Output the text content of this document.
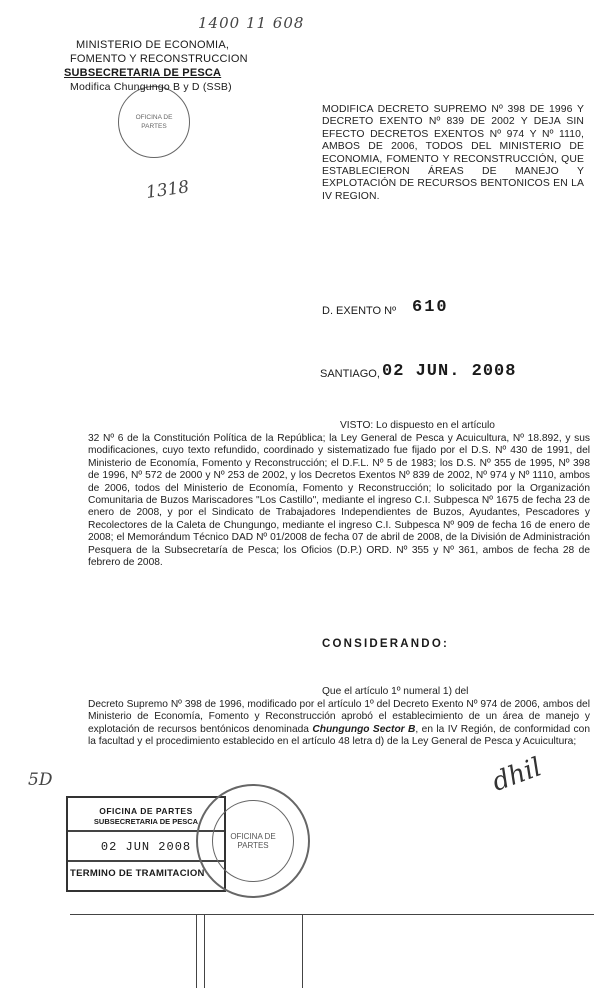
1400 11 608
1318
5D
OFICINA DE PARTES
MINISTERIO DE ECONOMIA,
FOMENTO Y RECONSTRUCCION
SUBSECRETARIA DE PESCA
Modifica Chungungo B y D (SSB)
MODIFICA DECRETO SUPREMO Nº 398 DE 1996 Y DECRETO EXENTO Nº 839 DE 2002 Y DEJA SIN EFECTO DECRETOS EXENTOS Nº 974 Y Nº 1110, AMBOS DE 2006, TODOS DEL MINISTERIO DE ECONOMIA, FOMENTO Y RECONSTRUCCIÓN, QUE ESTABLECIERON ÁREAS DE MANEJO Y EXPLOTACIÓN DE RECURSOS BENTONICOS EN LA IV REGION.
D. EXENTO Nº 610
SANTIAGO, 02 JUN. 2008
VISTO: Lo dispuesto en el artículo
32 Nº 6 de la Constitución Política de la República; la Ley General de Pesca y Acuicultura, Nº 18.892, y sus modificaciones, cuyo texto refundido, coordinado y sistematizado fue fijado por el D.S. Nº 430 de 1991, del Ministerio de Economía, Fomento y Reconstrucción; el D.F.L. Nº 5 de 1983; los D.S. Nº 355 de 1995, Nº 398 de 1996, Nº 572 de 2000 y Nº 253 de 2002, y los Decretos Exentos Nº 839 de 2002, Nº 974 y Nº 1110, ambos de 2006, todos del Ministerio de Economía, Fomento y Reconstrucción; lo solicitado por la Organización Comunitaria de Buzos Mariscadores "Los Castillo", mediante el ingreso C.I. Subpesca Nº 1675 de fecha 23 de enero de 2008, y por el Sindicato de Trabajadores Independientes de Buzos, Ayudantes, Pescadores y Recolectores de la Caleta de Chungungo, mediante el ingreso C.I. Subpesca Nº 909 de fecha 16 de enero de 2008; el Memorándum Técnico DAD Nº 01/2008 de fecha 07 de abril de 2008, de la División de Administración Pesquera de la Subsecretaría de Pesca; los Oficios (D.P.) ORD. Nº 355 y Nº 361, ambos de fecha 28 de febrero de 2008.
CONSIDERANDO:
Que el artículo 1º numeral 1) del
Decreto Supremo Nº 398 de 1996, modificado por el artículo 1º del Decreto Exento Nº 974 de 2006, ambos del Ministerio de Economía, Fomento y Reconstrucción aprobó el establecimiento de un área de manejo y explotación de recursos bentónicos denominada Chungungo Sector B, en la IV Región, de conformidad con la facultad y el procedimiento establecido en el artículo 48 letra d) de la Ley General de Pesca y Acuicultura;
dhil
OFICINA DE PARTES
SUBSECRETARIA DE PESCA
02 JUN 2008
TERMINO DE TRAMITACION
OFICINA DE PARTES
